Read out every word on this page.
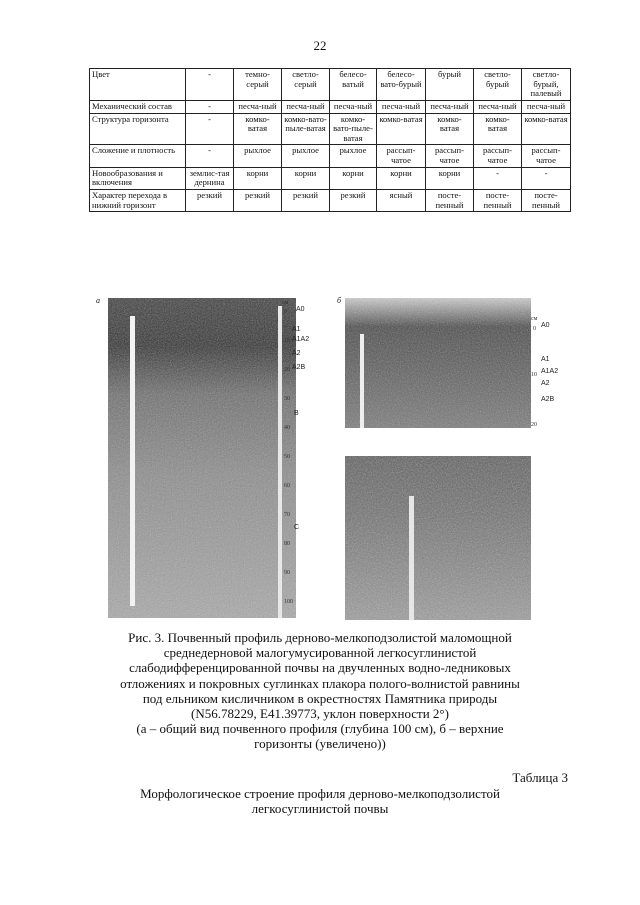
22
Цвет	-	темно-серый	светло-серый	белесо-ватый	белесо-вато-бурый	бурый	светло-бурый	светло-бурый, палевый
Механический состав	-	песча-ный	песча-ный	песча-ный	песча-ный	песча-ный	песча-ный	песча-ный
Структура горизонта	-	комко-ватая	комко-вато-пыле-ватая	комко-вато-пыле-ватая	комко-ватая	комко-ватая	комко-ватая	комко-ватая
Сложение и плотность	-	рыхлое	рыхлое	рыхлое	рассып-чатое	рассып-чатое	рассып-чатое	рассып-чатое
Новообразования и включения	землис-тая дернина	корни	корни	корни	корни	корни	-	-
Характер перехода в нижний горизонт	резкий	резкий	резкий	резкий	ясный	посте-пенный	посте-пенный	посте-пенный
а	см
0
10
20
30
40
50
60
70
80
90
100
A0
A1
A1A2
A2
A2B
B
C
б
см
0
10
20
A0
A1
A1A2
A2
A2B
Рис. 3. Почвенный профиль дерново-мелкоподзолистой маломощной
среднедерновой малогумусированной легкосуглинистой
слабодифференцированной почвы на двучленных водно-ледниковых
отложениях и покровных суглинках плакора полого-волнистой равнины
под ельником кисличником в окрестностях Памятника природы
(N56.78229, E41.39773, уклон поверхности 2°)
(а – общий вид почвенного профиля (глубина 100 см), б – верхние
горизонты (увеличено))
Таблица 3
Морфологическое строение профиля дерново-мелкоподзолистой
легкосуглинистой почвы
